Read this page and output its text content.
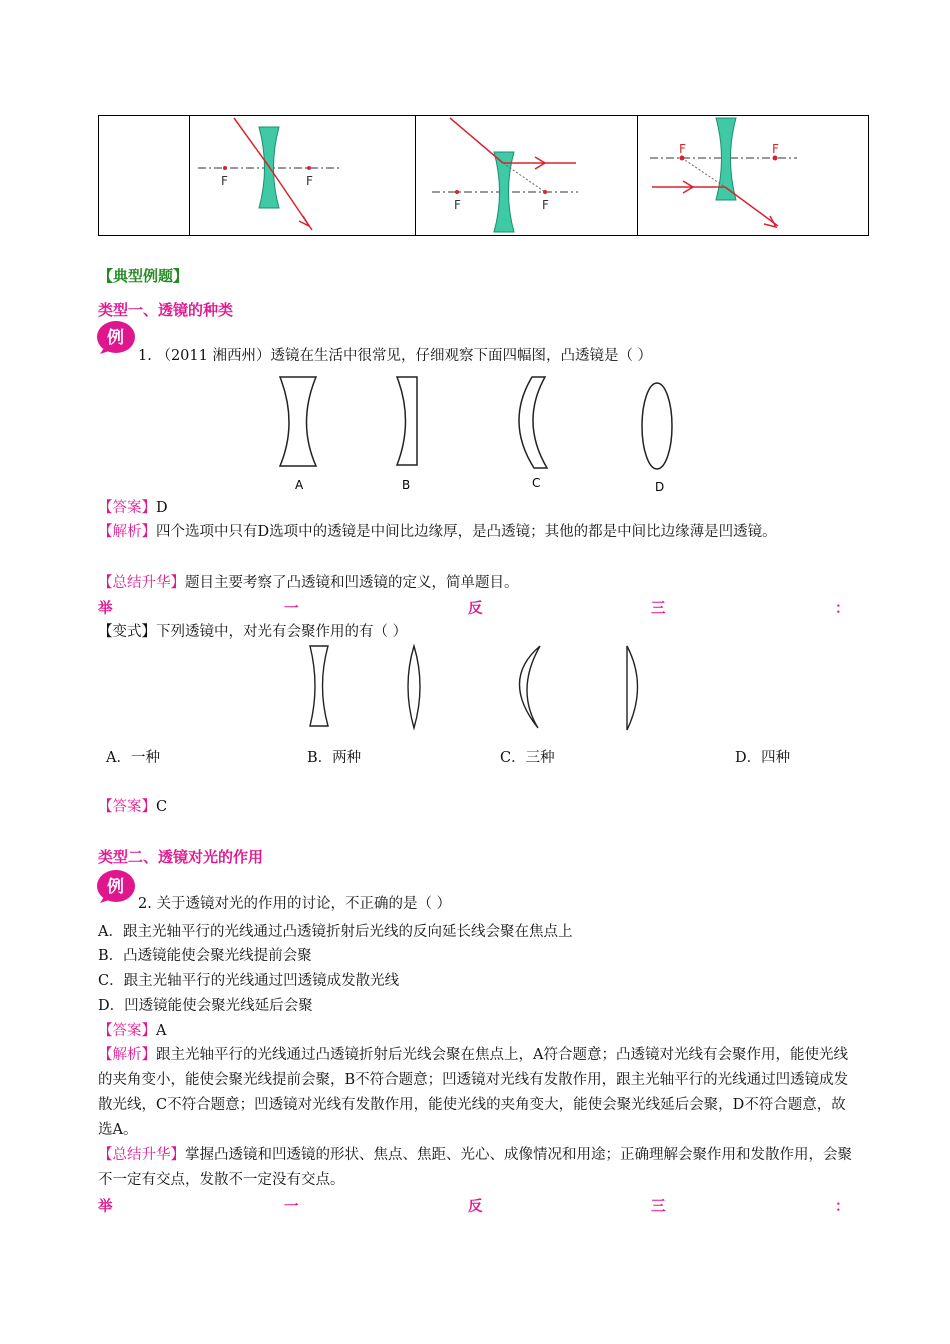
F	F
F	F
F	F
【典型例题】
类型一、透镜的种类
例
1. （2011 湘西州）透镜在生活中很常见，仔细观察下面四幅图，凸透镜是（ ）
A	B	C	D
【答案】D
【解析】四个选项中只有D选项中的透镜是中间比边缘厚，是凸透镜；其他的都是中间比边缘薄是凹透镜。
【总结升华】题目主要考察了凸透镜和凹透镜的定义，简单题目。
举	一	反	三	：
【变式】下列透镜中，对光有会聚作用的有（ ）
A．一种	B．两种	C．三种	D．四种
【答案】C
类型二、透镜对光的作用
例
2. 关于透镜对光的作用的讨论，不正确的是（ ）
A．跟主光轴平行的光线通过凸透镜折射后光线的反向延长线会聚在焦点上
B．凸透镜能使会聚光线提前会聚
C．跟主光轴平行的光线通过凹透镜成发散光线
D．凹透镜能使会聚光线延后会聚
【答案】A
【解析】跟主光轴平行的光线通过凸透镜折射后光线会聚在焦点上，A符合题意；凸透镜对光线有会聚作用，能使光线的夹角变小，能使会聚光线提前会聚，B不符合题意；凹透镜对光线有发散作用，跟主光轴平行的光线通过凹透镜成发散光线，C不符合题意；凹透镜对光线有发散作用，能使光线的夹角变大，能使会聚光线延后会聚，D不符合题意，故选A。
【总结升华】掌握凸透镜和凹透镜的形状、焦点、焦距、光心、成像情况和用途；正确理解会聚作用和发散作用，会聚不一定有交点，发散不一定没有交点。
举	一	反	三	：
